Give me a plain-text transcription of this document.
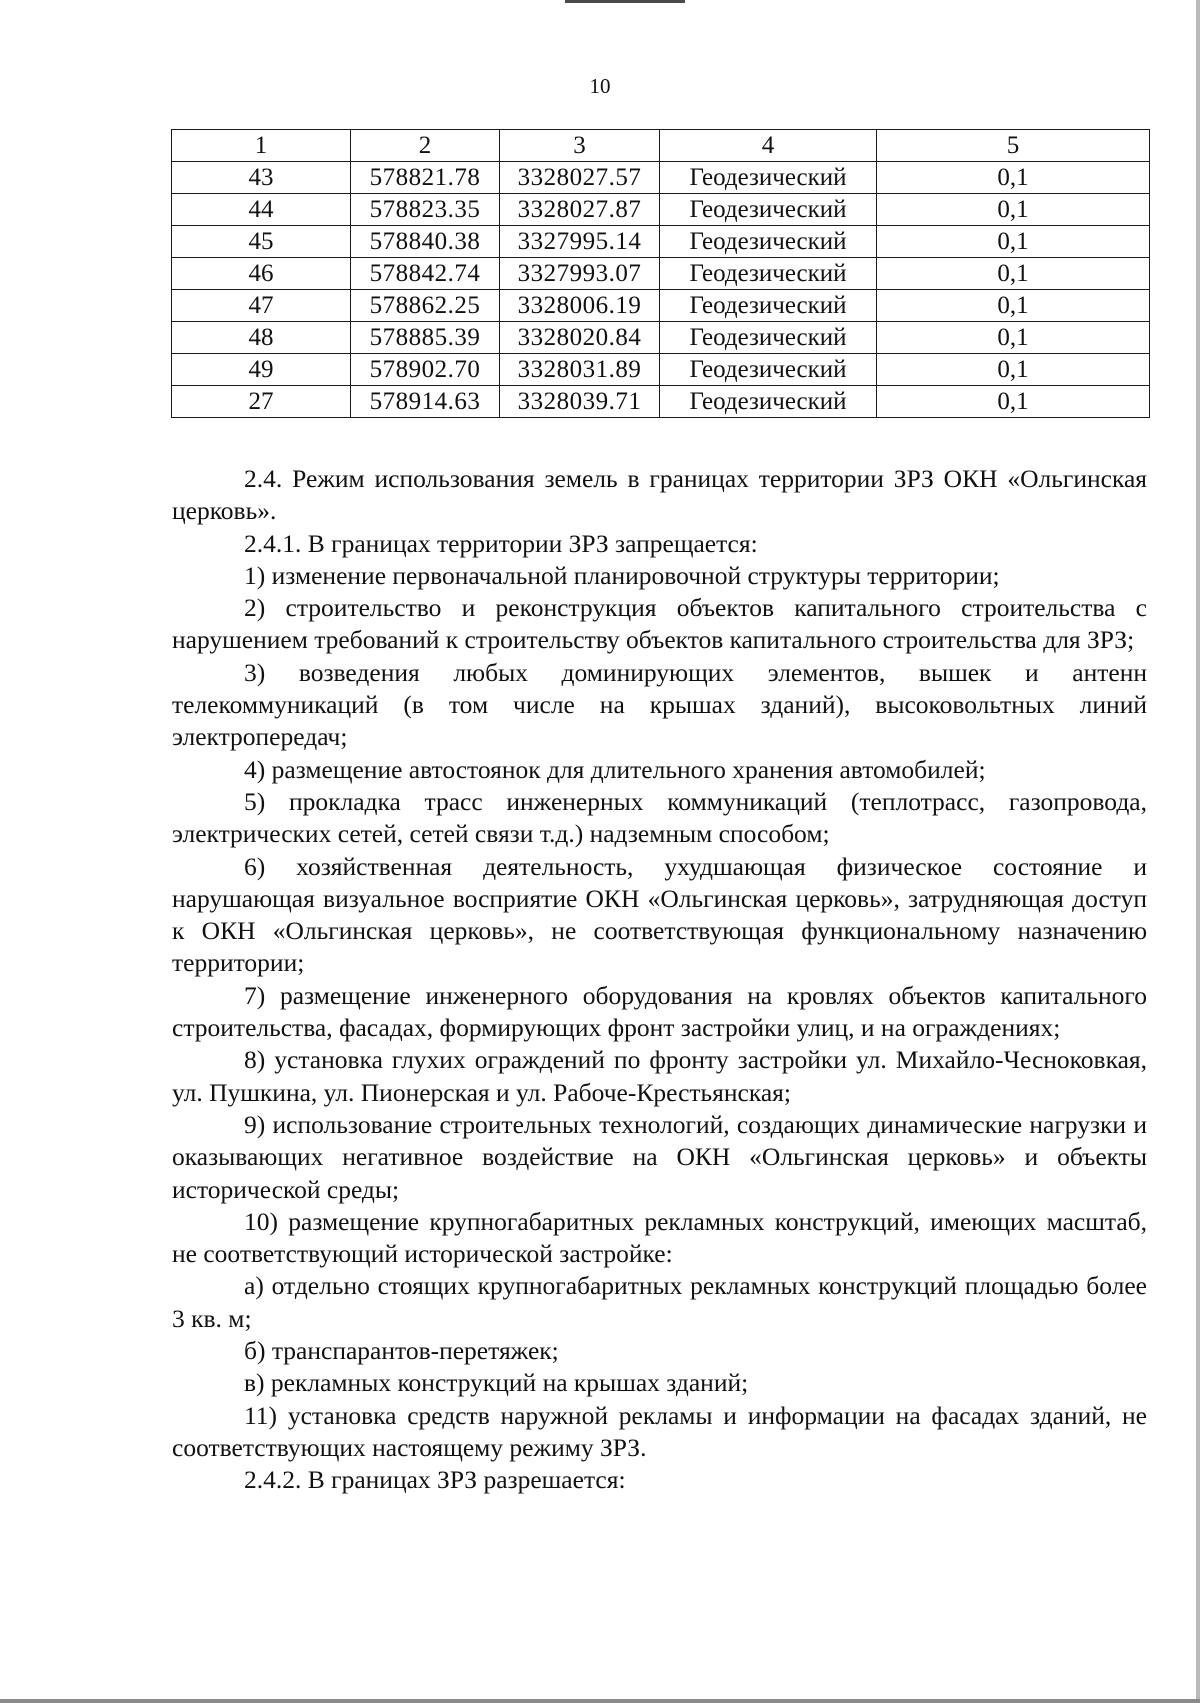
10
1	2	3	4	5
43	578821.78	3328027.57	Геодезический	0,1
44	578823.35	3328027.87	Геодезический	0,1
45	578840.38	3327995.14	Геодезический	0,1
46	578842.74	3327993.07	Геодезический	0,1
47	578862.25	3328006.19	Геодезический	0,1
48	578885.39	3328020.84	Геодезический	0,1
49	578902.70	3328031.89	Геодезический	0,1
27	578914.63	3328039.71	Геодезический	0,1

2.4. Режим использования земель в границах территории ЗРЗ ОКН «Ольгинская церковь».

2.4.1. В границах территории ЗРЗ запрещается:

1) изменение первоначальной планировочной структуры территории;

2) строительство и реконструкция объектов капитального строительства с нарушением требований к строительству объектов капитального строительства для ЗРЗ;

3) возведения любых доминирующих элементов, вышек и антенн телекоммуникаций (в том числе на крышах зданий), высоковольтных линий электропередач;

4) размещение автостоянок для длительного хранения автомобилей;

5) прокладка трасс инженерных коммуникаций (теплотрасс, газопровода, электрических сетей, сетей связи т.д.) надземным способом;

6) хозяйственная деятельность, ухудшающая физическое состояние и нарушающая визуальное восприятие ОКН «Ольгинская церковь», затрудняющая доступ к ОКН «Ольгинская церковь», не соответствующая функциональному назначению территории;

7) размещение инженерного оборудования на кровлях объектов капитального строительства, фасадах, формирующих фронт застройки улиц, и на ограждениях;

8) установка глухих ограждений по фронту застройки ул. Михайло-Чесноковкая, ул. Пушкина, ул. Пионерская и ул. Рабоче-Крестьянская;

9) использование строительных технологий, создающих динамические нагрузки и оказывающих негативное воздействие на ОКН «Ольгинская церковь» и объекты исторической среды;

10) размещение крупногабаритных рекламных конструкций, имеющих масштаб, не соответствующий исторической застройке:

а) отдельно стоящих крупногабаритных рекламных конструкций площадью более 3 кв. м;

б) транспарантов-перетяжек;

в) рекламных конструкций на крышах зданий;

11) установка средств наружной рекламы и информации на фасадах зданий, не соответствующих настоящему режиму ЗРЗ.

2.4.2. В границах ЗРЗ разрешается:
